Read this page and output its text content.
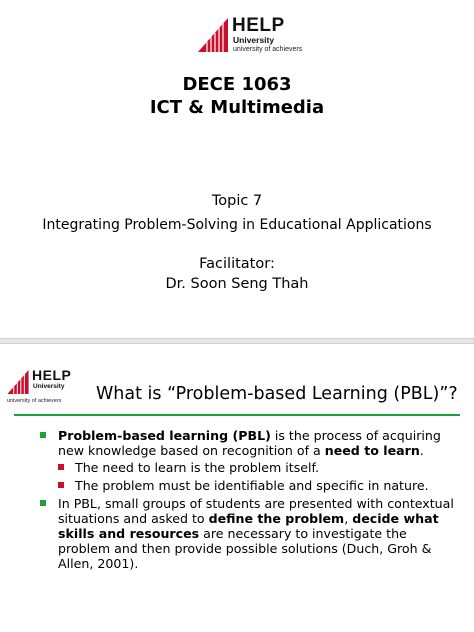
HELP
University
university of achievers
DECE 1063
ICT & Multimedia
Topic 7
Integrating Problem-Solving in Educational Applications
Facilitator:
Dr. Soon Seng Thah
HELP
University
university of achievers What is “Problem-based Learning (PBL)”?
Problem-based learning (PBL) is the process of acquiring new knowledge based on recognition of a need to learn.
The need to learn is the problem itself.
The problem must be identifiable and specific in nature.
In PBL, small groups of students are presented with contextual situations and asked to define the problem, decide what skills and resources are necessary to investigate the problem and then provide possible solutions (Duch, Groh & Allen, 2001).
